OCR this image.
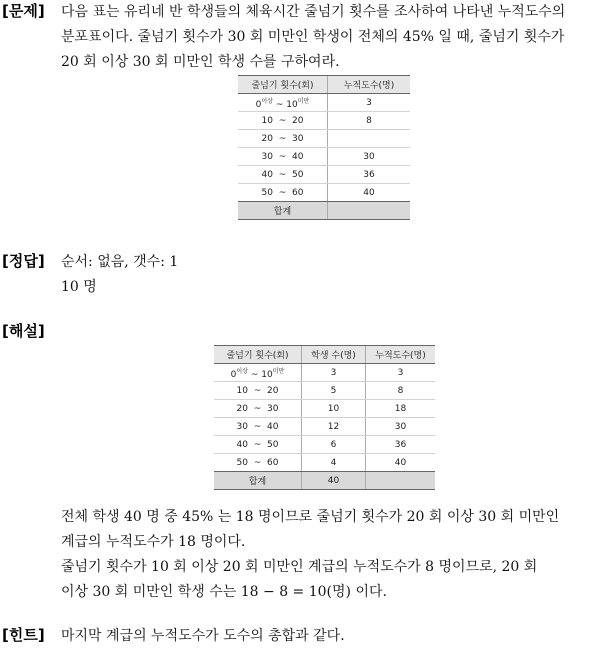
[문제] 다음 표는 유리네 반 학생들의 체육시간 줄넘기 횟수를 조사하여 나타낸 누적도수의

분포표이다. 줄넘기 횟수가 30 회 미만인 학생이 전체의 45% 일 때, 줄넘기 횟수가

20 회 이상 30 회 미만인 학생 수를 구하여라.

줄넘기 횟수(회)	누적도수(명)
$0^{이상}$ ~ $10^{미만}$	3
10 ~ 20	8
20 ~ 30	
30 ~ 40	30
40 ~ 50	36
50 ~ 60	40
합계	
[정답] 순서: 없음, 갯수: 1

10 명

[해설]
줄넘기 횟수(회)	학생 수(명)	누적도수(명)
$0^{이상}$ ~ $10^{미만}$	3	3
10 ~ 20	5	8
20 ~ 30	10	18
30 ~ 40	12	30
40 ~ 50	6	36
50 ~ 60	4	40
합계	40	

전체 학생 40 명 중 45% 는 18 명이므로 줄넘기 횟수가 20 회 이상 30 회 미만인

계급의 누적도수가 18 명이다.

줄넘기 횟수가 10 회 이상 20 회 미만인 계급의 누적도수가 8 명이므로, 20 회

이상 30 회 미만인 학생 수는 18 − 8 = 10(명) 이다.

[힌트] 마지막 계급의 누적도수가 도수의 총합과 같다.
